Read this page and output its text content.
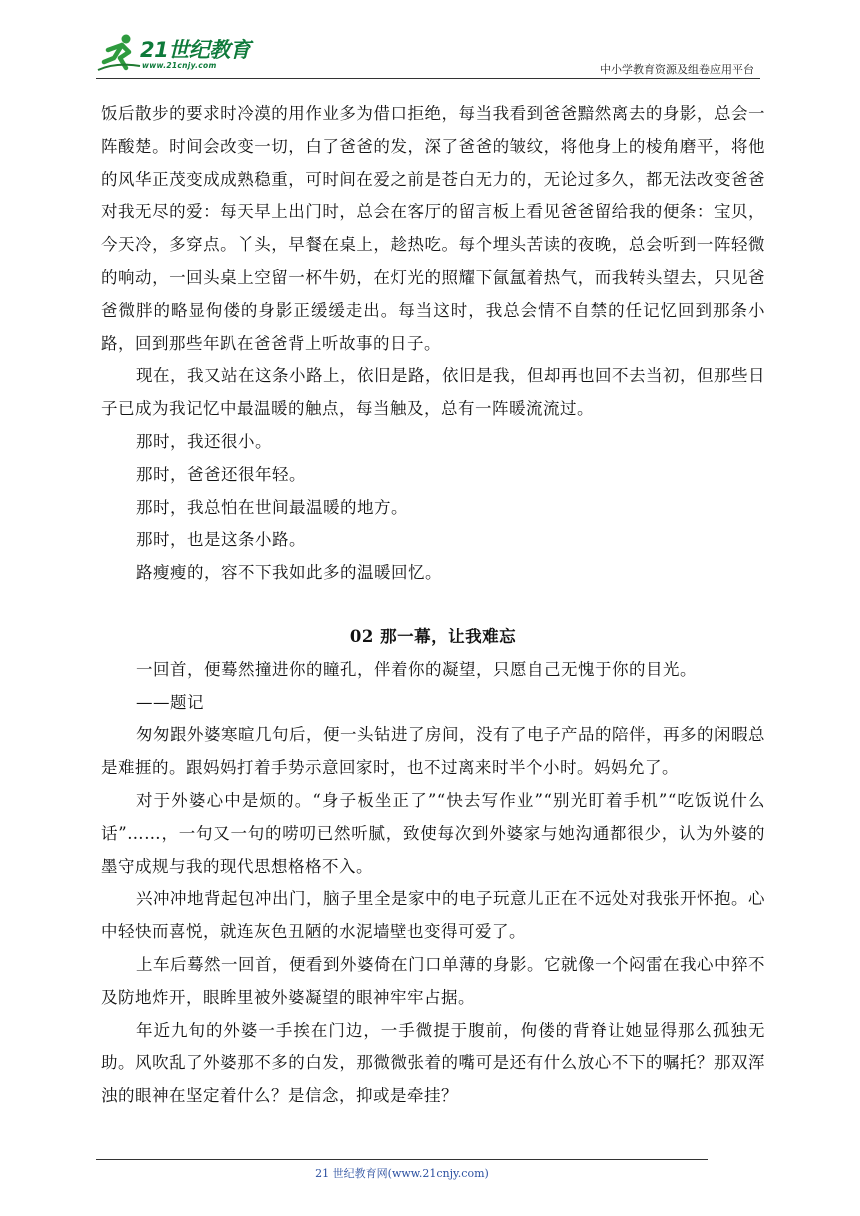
21世纪教育
www.21cnjy.com	中小学教育资源及组卷应用平台

饭后散步的要求时冷漠的用作业多为借口拒绝，每当我看到爸爸黯然离去的身影，总会一阵酸楚。时间会改变一切，白了爸爸的发，深了爸爸的皱纹，将他身上的棱角磨平，将他的风华正茂变成成熟稳重，可时间在爱之前是苍白无力的，无论过多久，都无法改变爸爸对我无尽的爱：每天早上出门时，总会在客厅的留言板上看见爸爸留给我的便条：宝贝，今天冷，多穿点。丫头，早餐在桌上，趁热吃。每个埋头苦读的夜晚，总会听到一阵轻微的响动，一回头桌上空留一杯牛奶，在灯光的照耀下氤氲着热气，而我转头望去，只见爸爸微胖的略显佝偻的身影正缓缓走出。每当这时，我总会情不自禁的任记忆回到那条小路，回到那些年趴在爸爸背上听故事的日子。

现在，我又站在这条小路上，依旧是路，依旧是我，但却再也回不去当初，但那些日子已成为我记忆中最温暖的触点，每当触及，总有一阵暖流流过。

那时，我还很小。

那时，爸爸还很年轻。

那时，我总怕在世间最温暖的地方。

那时，也是这条小路。

路瘦瘦的，容不下我如此多的温暖回忆。

02 那一幕，让我难忘

一回首，便蓦然撞进你的瞳孔，伴着你的凝望，只愿自己无愧于你的目光。

——题记

匆匆跟外婆寒暄几句后，便一头钻进了房间，没有了电子产品的陪伴，再多的闲暇总是难捱的。跟妈妈打着手势示意回家时，也不过离来时半个小时。妈妈允了。

对于外婆心中是烦的。“身子板坐正了”“快去写作业”“别光盯着手机”“吃饭说什么话”……，一句又一句的唠叨已然听腻，致使每次到外婆家与她沟通都很少，认为外婆的墨守成规与我的现代思想格格不入。

兴冲冲地背起包冲出门，脑子里全是家中的电子玩意儿正在不远处对我张开怀抱。心中轻快而喜悦，就连灰色丑陋的水泥墙壁也变得可爱了。

上车后蓦然一回首，便看到外婆倚在门口单薄的身影。它就像一个闷雷在我心中猝不及防地炸开，眼眸里被外婆凝望的眼神牢牢占据。

年近九旬的外婆一手挨在门边，一手微提于腹前，佝偻的背脊让她显得那么孤独无助。风吹乱了外婆那不多的白发，那微微张着的嘴可是还有什么放心不下的嘱托？那双浑浊的眼神在坚定着什么？是信念，抑或是牵挂？

21 世纪教育网(www.21cnjy.com)
